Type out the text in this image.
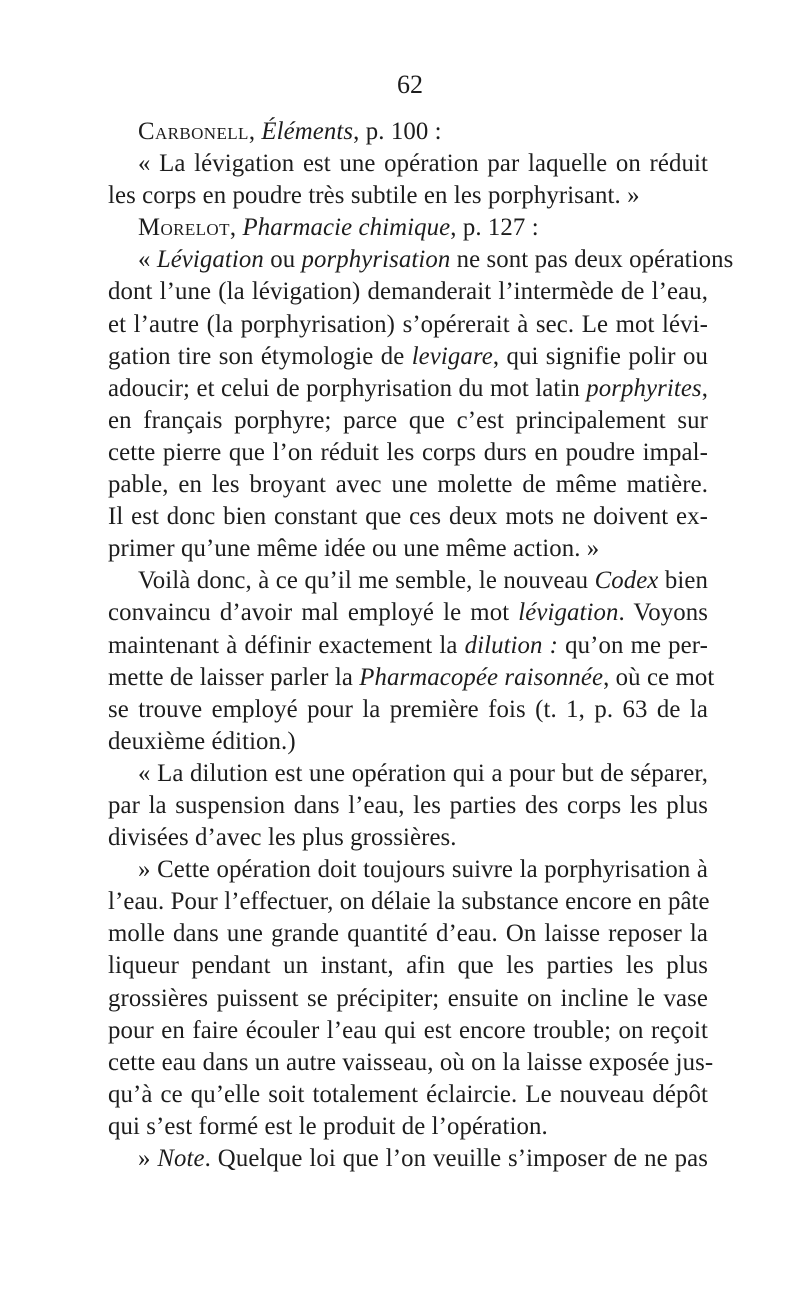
62

Carbonell, Éléments, p. 100 :

« La lévigation est une opération par laquelle on réduit

les corps en poudre très subtile en les porphyrisant. »

Morelot, Pharmacie chimique, p. 127 :

« Lévigation ou porphyrisation ne sont pas deux opérations

dont l’une (la lévigation) demanderait l’intermède de l’eau,

et l’autre (la porphyrisation) s’opérerait à sec. Le mot lévi-

gation tire son étymologie de levigare, qui signifie polir ou

adoucir; et celui de porphyrisation du mot latin porphyrites,

en français porphyre; parce que c’est principalement sur

cette pierre que l’on réduit les corps durs en poudre impal-

pable, en les broyant avec une molette de même matière.

Il est donc bien constant que ces deux mots ne doivent ex-

primer qu’une même idée ou une même action. »

Voilà donc, à ce qu’il me semble, le nouveau Codex bien

convaincu d’avoir mal employé le mot lévigation. Voyons

maintenant à définir exactement la dilution : qu’on me per-

mette de laisser parler la Pharmacopée raisonnée, où ce mot

se trouve employé pour la première fois (t. 1, p. 63 de la

deuxième édition.)

« La dilution est une opération qui a pour but de séparer,

par la suspension dans l’eau, les parties des corps les plus

divisées d’avec les plus grossières.

» Cette opération doit toujours suivre la porphyrisation à

l’eau. Pour l’effectuer, on délaie la substance encore en pâte

molle dans une grande quantité d’eau. On laisse reposer la

liqueur pendant un instant, afin que les parties les plus

grossières puissent se précipiter; ensuite on incline le vase

pour en faire écouler l’eau qui est encore trouble; on reçoit

cette eau dans un autre vaisseau, où on la laisse exposée jus-

qu’à ce qu’elle soit totalement éclaircie. Le nouveau dépôt

qui s’est formé est le produit de l’opération.

» Note. Quelque loi que l’on veuille s’imposer de ne pas
